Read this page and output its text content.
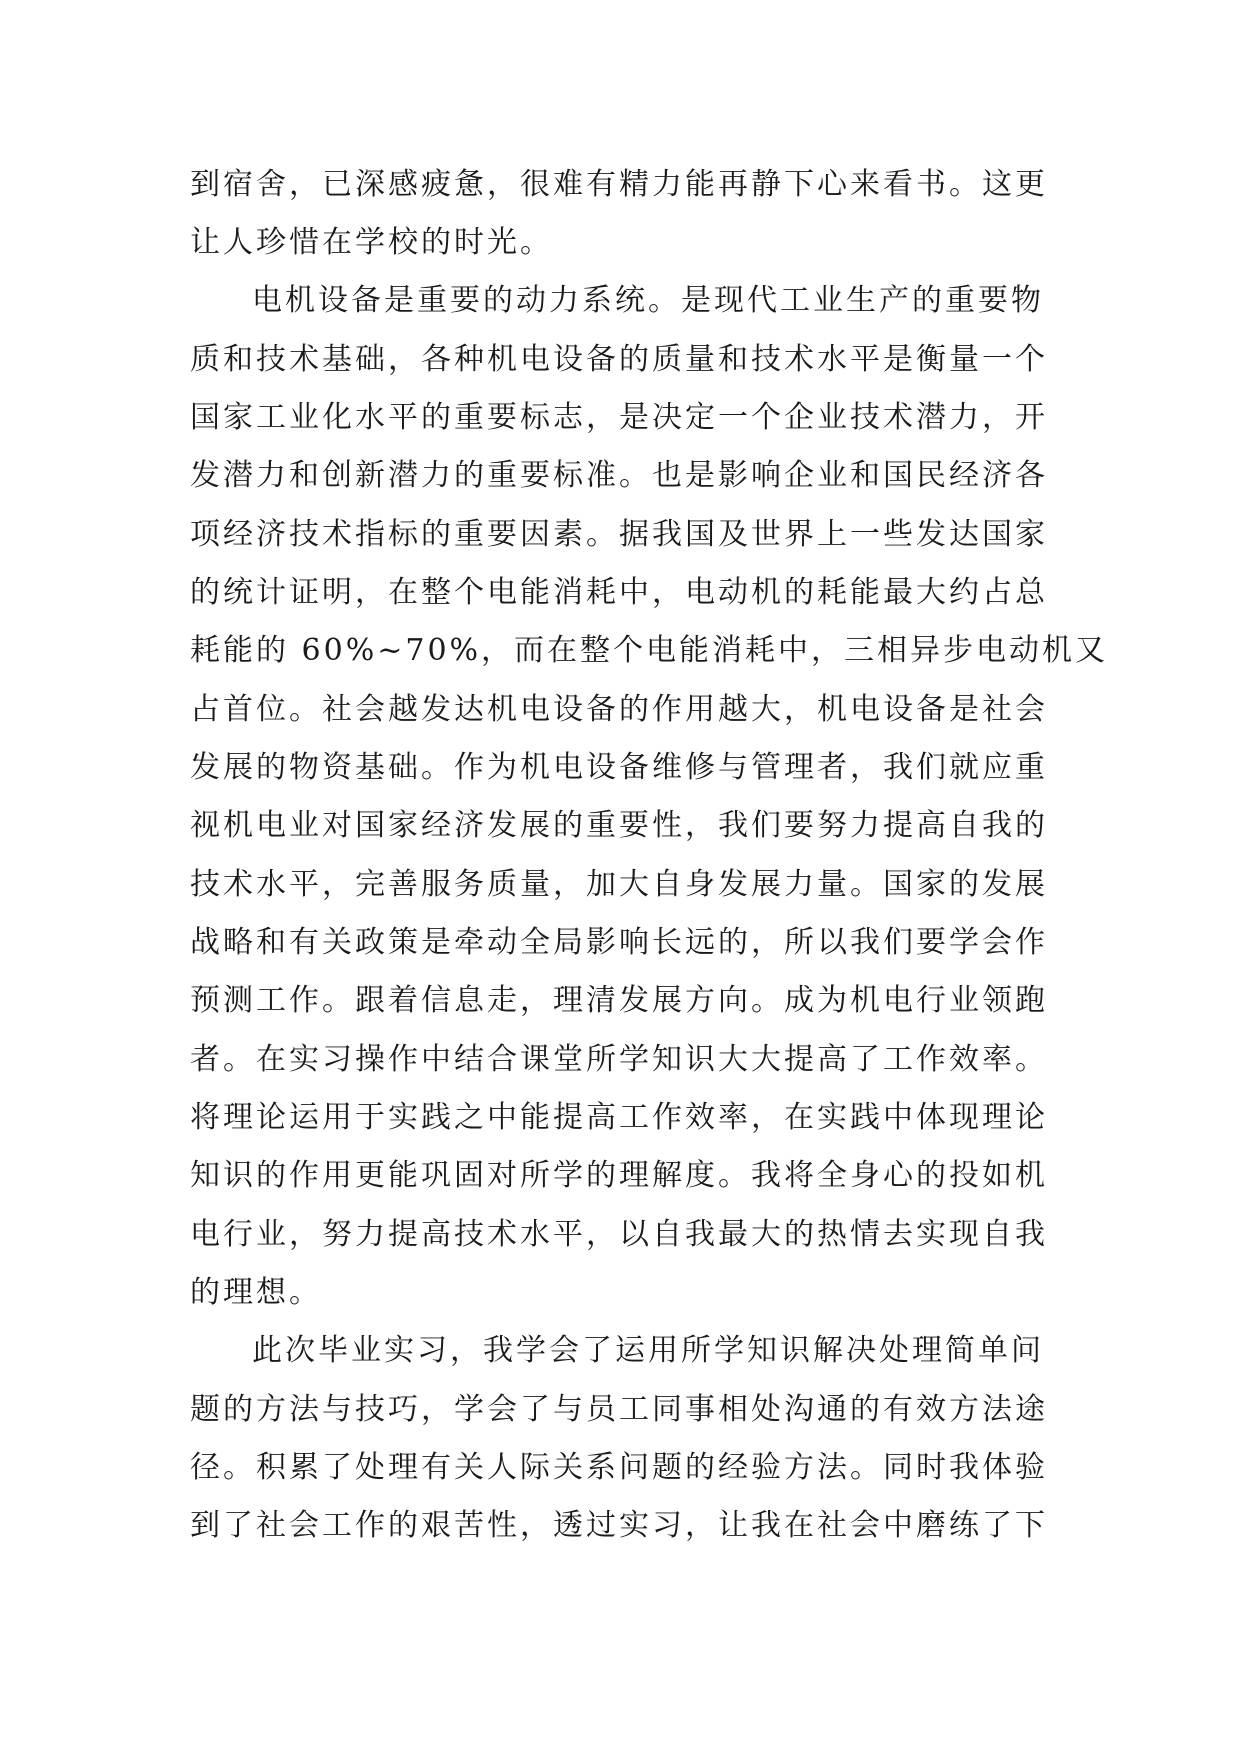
到宿舍，已深感疲惫，很难有精力能再静下心来看书。这更
让人珍惜在学校的时光。
电机设备是重要的动力系统。是现代工业生产的重要物
质和技术基础，各种机电设备的质量和技术水平是衡量一个
国家工业化水平的重要标志，是决定一个企业技术潜力，开
发潜力和创新潜力的重要标准。也是影响企业和国民经济各
项经济技术指标的重要因素。据我国及世界上一些发达国家
的统计证明，在整个电能消耗中，电动机的耗能最大约占总
耗能的 60%~70%，而在整个电能消耗中，三相异步电动机又
占首位。社会越发达机电设备的作用越大，机电设备是社会
发展的物资基础。作为机电设备维修与管理者，我们就应重
视机电业对国家经济发展的重要性，我们要努力提高自我的
技术水平，完善服务质量，加大自身发展力量。国家的发展
战略和有关政策是牵动全局影响长远的，所以我们要学会作
预测工作。跟着信息走，理清发展方向。成为机电行业领跑
者。在实习操作中结合课堂所学知识大大提高了工作效率。
将理论运用于实践之中能提高工作效率，在实践中体现理论
知识的作用更能巩固对所学的理解度。我将全身心的投如机
电行业，努力提高技术水平，以自我最大的热情去实现自我
的理想。
此次毕业实习，我学会了运用所学知识解决处理简单问
题的方法与技巧，学会了与员工同事相处沟通的有效方法途
径。积累了处理有关人际关系问题的经验方法。同时我体验
到了社会工作的艰苦性，透过实习，让我在社会中磨练了下
